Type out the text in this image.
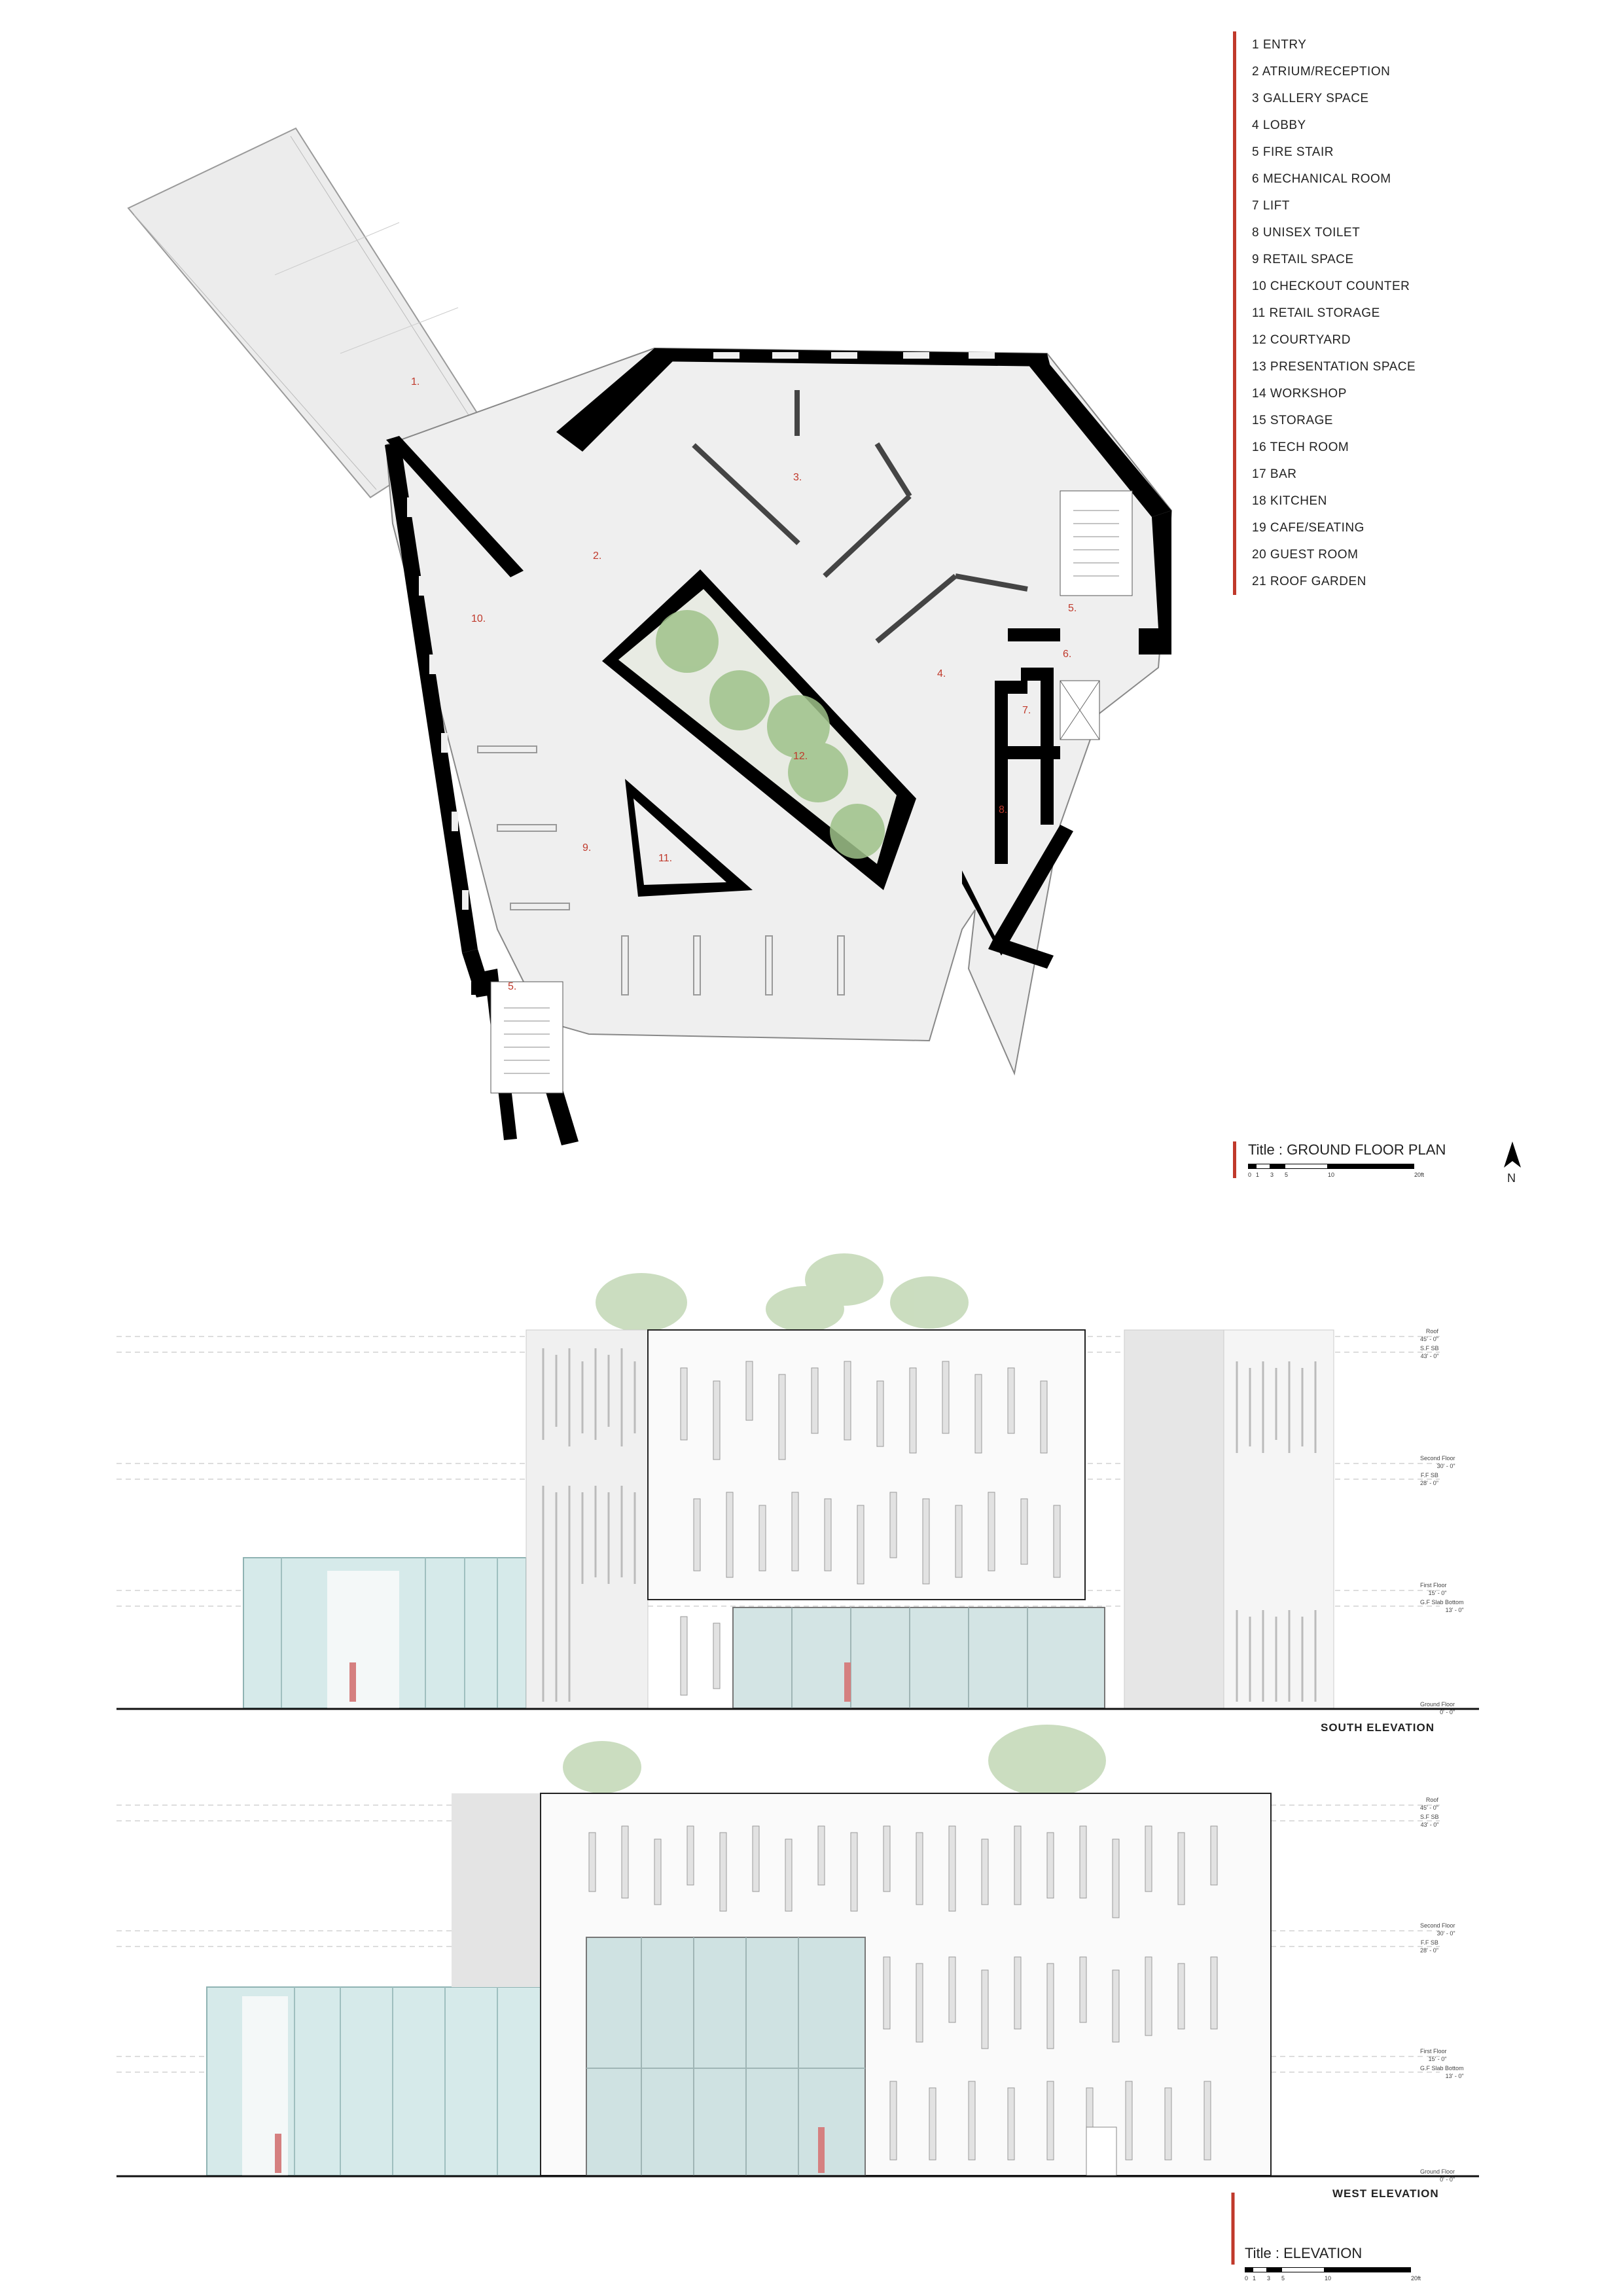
1.
2.
3.
4.
5.
6.
7.
8.
9.
10.
11.
12.
5.
1 ENTRY
2 ATRIUM/RECEPTION
3 GALLERY SPACE
4 LOBBY
5 FIRE STAIR
6 MECHANICAL ROOM
7 LIFT
8 UNISEX TOILET
9 RETAIL SPACE
10 CHECKOUT COUNTER
11 RETAIL STORAGE
12 COURTYARD
13 PRESENTATION SPACE
14 WORKSHOP
15 STORAGE
16 TECH ROOM
17 BAR
18 KITCHEN
19 CAFE/SEATING
20 GUEST ROOM
21 ROOF GARDEN
Title : GROUND FLOOR PLAN
0 1	3	5	10	20ft	N
SOUTH ELEVATION
Roof
45' - 0"
S.F SB
43' - 0"
Second Floor
30' - 0"
F.F SB
28' - 0"
First Floor
15' - 0"
G.F Slab Bottom
13' - 0"
Ground Floor
0' - 0"
WEST ELEVATION
Roof
45' - 0"
S.F SB
43' - 0"
Second Floor
30' - 0"
F.F SB
28' - 0"
First Floor
15' - 0"
G.F Slab Bottom
13' - 0"
Ground Floor
0' - 0"
Title : ELEVATION
0 1	3	5	10	20ft
